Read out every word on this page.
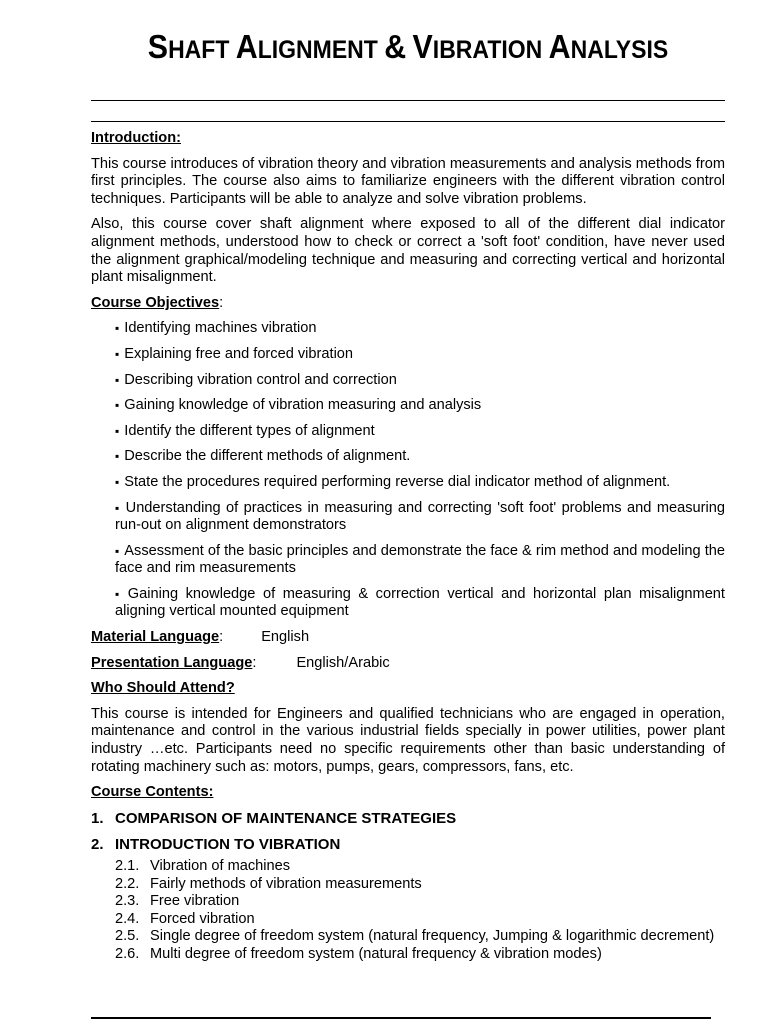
SHAFT ALIGNMENT & VIBRATION ANALYSIS
Introduction:

This course introduces of vibration theory and vibration measurements and analysis methods from first principles. The course also aims to familiarize engineers with the different vibration control techniques. Participants will be able to analyze and solve vibration problems.

Also, this course cover shaft alignment where exposed to all of the different dial indicator alignment methods, understood how to check or correct a 'soft foot' condition, have never used the alignment graphical/modeling technique and measuring and correcting vertical and horizontal plant misalignment.

Course Objectives:
▪ Identifying machines vibration
▪ Explaining free and forced vibration
▪ Describing vibration control and correction
▪ Gaining knowledge of vibration measuring and analysis
▪ Identify the different types of alignment
▪ Describe the different methods of alignment.
▪ State the procedures required performing reverse dial indicator method of alignment.
▪ Understanding of practices in measuring and correcting 'soft foot' problems and measuring run-out on alignment demonstrators
▪ Assessment of the basic principles and demonstrate the face & rim method and modeling the face and rim measurements
▪ Gaining knowledge of measuring & correction vertical and horizontal plan misalignment aligning vertical mounted equipment
Material Language:	English
Presentation Language:	English/Arabic
Who Should Attend?

This course is intended for Engineers and qualified technicians who are engaged in operation, maintenance and control in the various industrial fields specially in power utilities, power plant industry …etc. Participants need no specific requirements other than basic understanding of rotating machinery such as: motors, pumps, gears, compressors, fans, etc.

Course Contents:
1. COMPARISON OF MAINTENANCE STRATEGIES
2. INTRODUCTION TO VIBRATION
2.1. Vibration of machines
2.2. Fairly methods of vibration measurements
2.3. Free vibration
2.4. Forced vibration
2.5. Single degree of freedom system (natural frequency, Jumping & logarithmic decrement)
2.6. Multi degree of freedom system (natural frequency & vibration modes)
